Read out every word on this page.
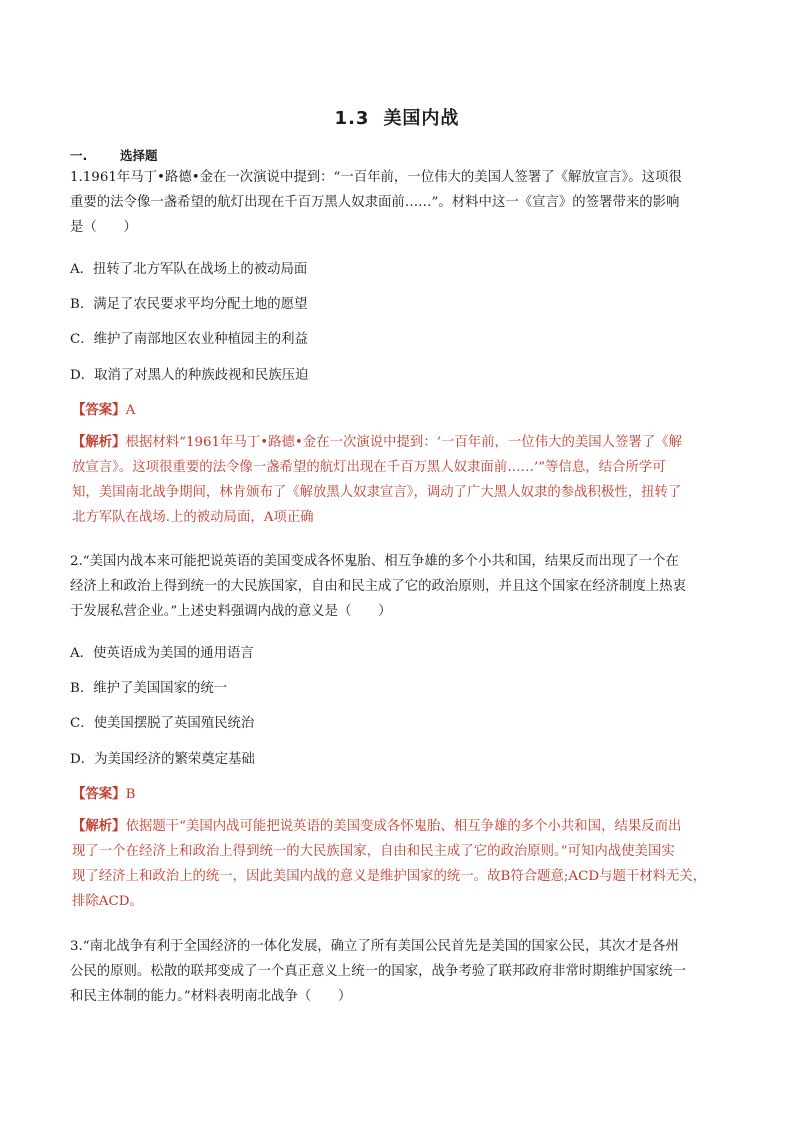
1.3 美国内战
一.	选择题
1.1961年马丁•路德•金在一次演说中提到：“一百年前，一位伟大的美国人签署了《解放宣言》。这项很
重要的法令像一盏希望的航灯出现在千百万黑人奴隶面前……”。材料中这一《宣言》的签署带来的影响
是（　　）
A．扭转了北方军队在战场上的被动局面
B．满足了农民要求平均分配土地的愿望
C．维护了南部地区农业种植园主的利益
D．取消了对黑人的种族歧视和民族压迫
【答案】A
【解析】根据材料“1961年马丁•路德•金在一次演说中提到：‘一百年前，一位伟大的美国人签署了《解
放宣言》。这项很重要的法令像一盏希望的航灯出现在千百万黑人奴隶面前……’”等信息，结合所学可
知，美国南北战争期间，林肯颁布了《解放黑人奴隶宣言》，调动了广大黑人奴隶的参战积极性，扭转了
北方军队在战场.上的被动局面，A项正确
2.“美国内战本来可能把说英语的美国变成各怀鬼胎、相互争雄的多个小共和国，结果反而出现了一个在
经济上和政治上得到统一的大民族国家，自由和民主成了它的政治原则，并且这个国家在经济制度上热衷
于发展私营企业。”上述史料强调内战的意义是（　　）
A．使英语成为美国的通用语言
B．维护了美国国家的统一
C．使美国摆脱了英国殖民统治
D．为美国经济的繁荣奠定基础
【答案】B
【解析】依据题干“美国内战可能把说英语的美国变成各怀鬼胎、相互争雄的多个小共和国，结果反而出
现了一个在经济上和政治上得到统一的大民族国家，自由和民主成了它的政治原则。”可知内战使美国实
现了经济上和政治上的统一，因此美国内战的意义是维护国家的统一。故B符合题意;ACD与题干材料无关，
排除ACD。
3.“南北战争有利于全国经济的一体化发展，确立了所有美国公民首先是美国的国家公民，其次才是各州
公民的原则。松散的联邦变成了一个真正意义上统一的国家，战争考验了联邦政府非常时期维护国家统一
和民主体制的能力。”材料表明南北战争（　　）
